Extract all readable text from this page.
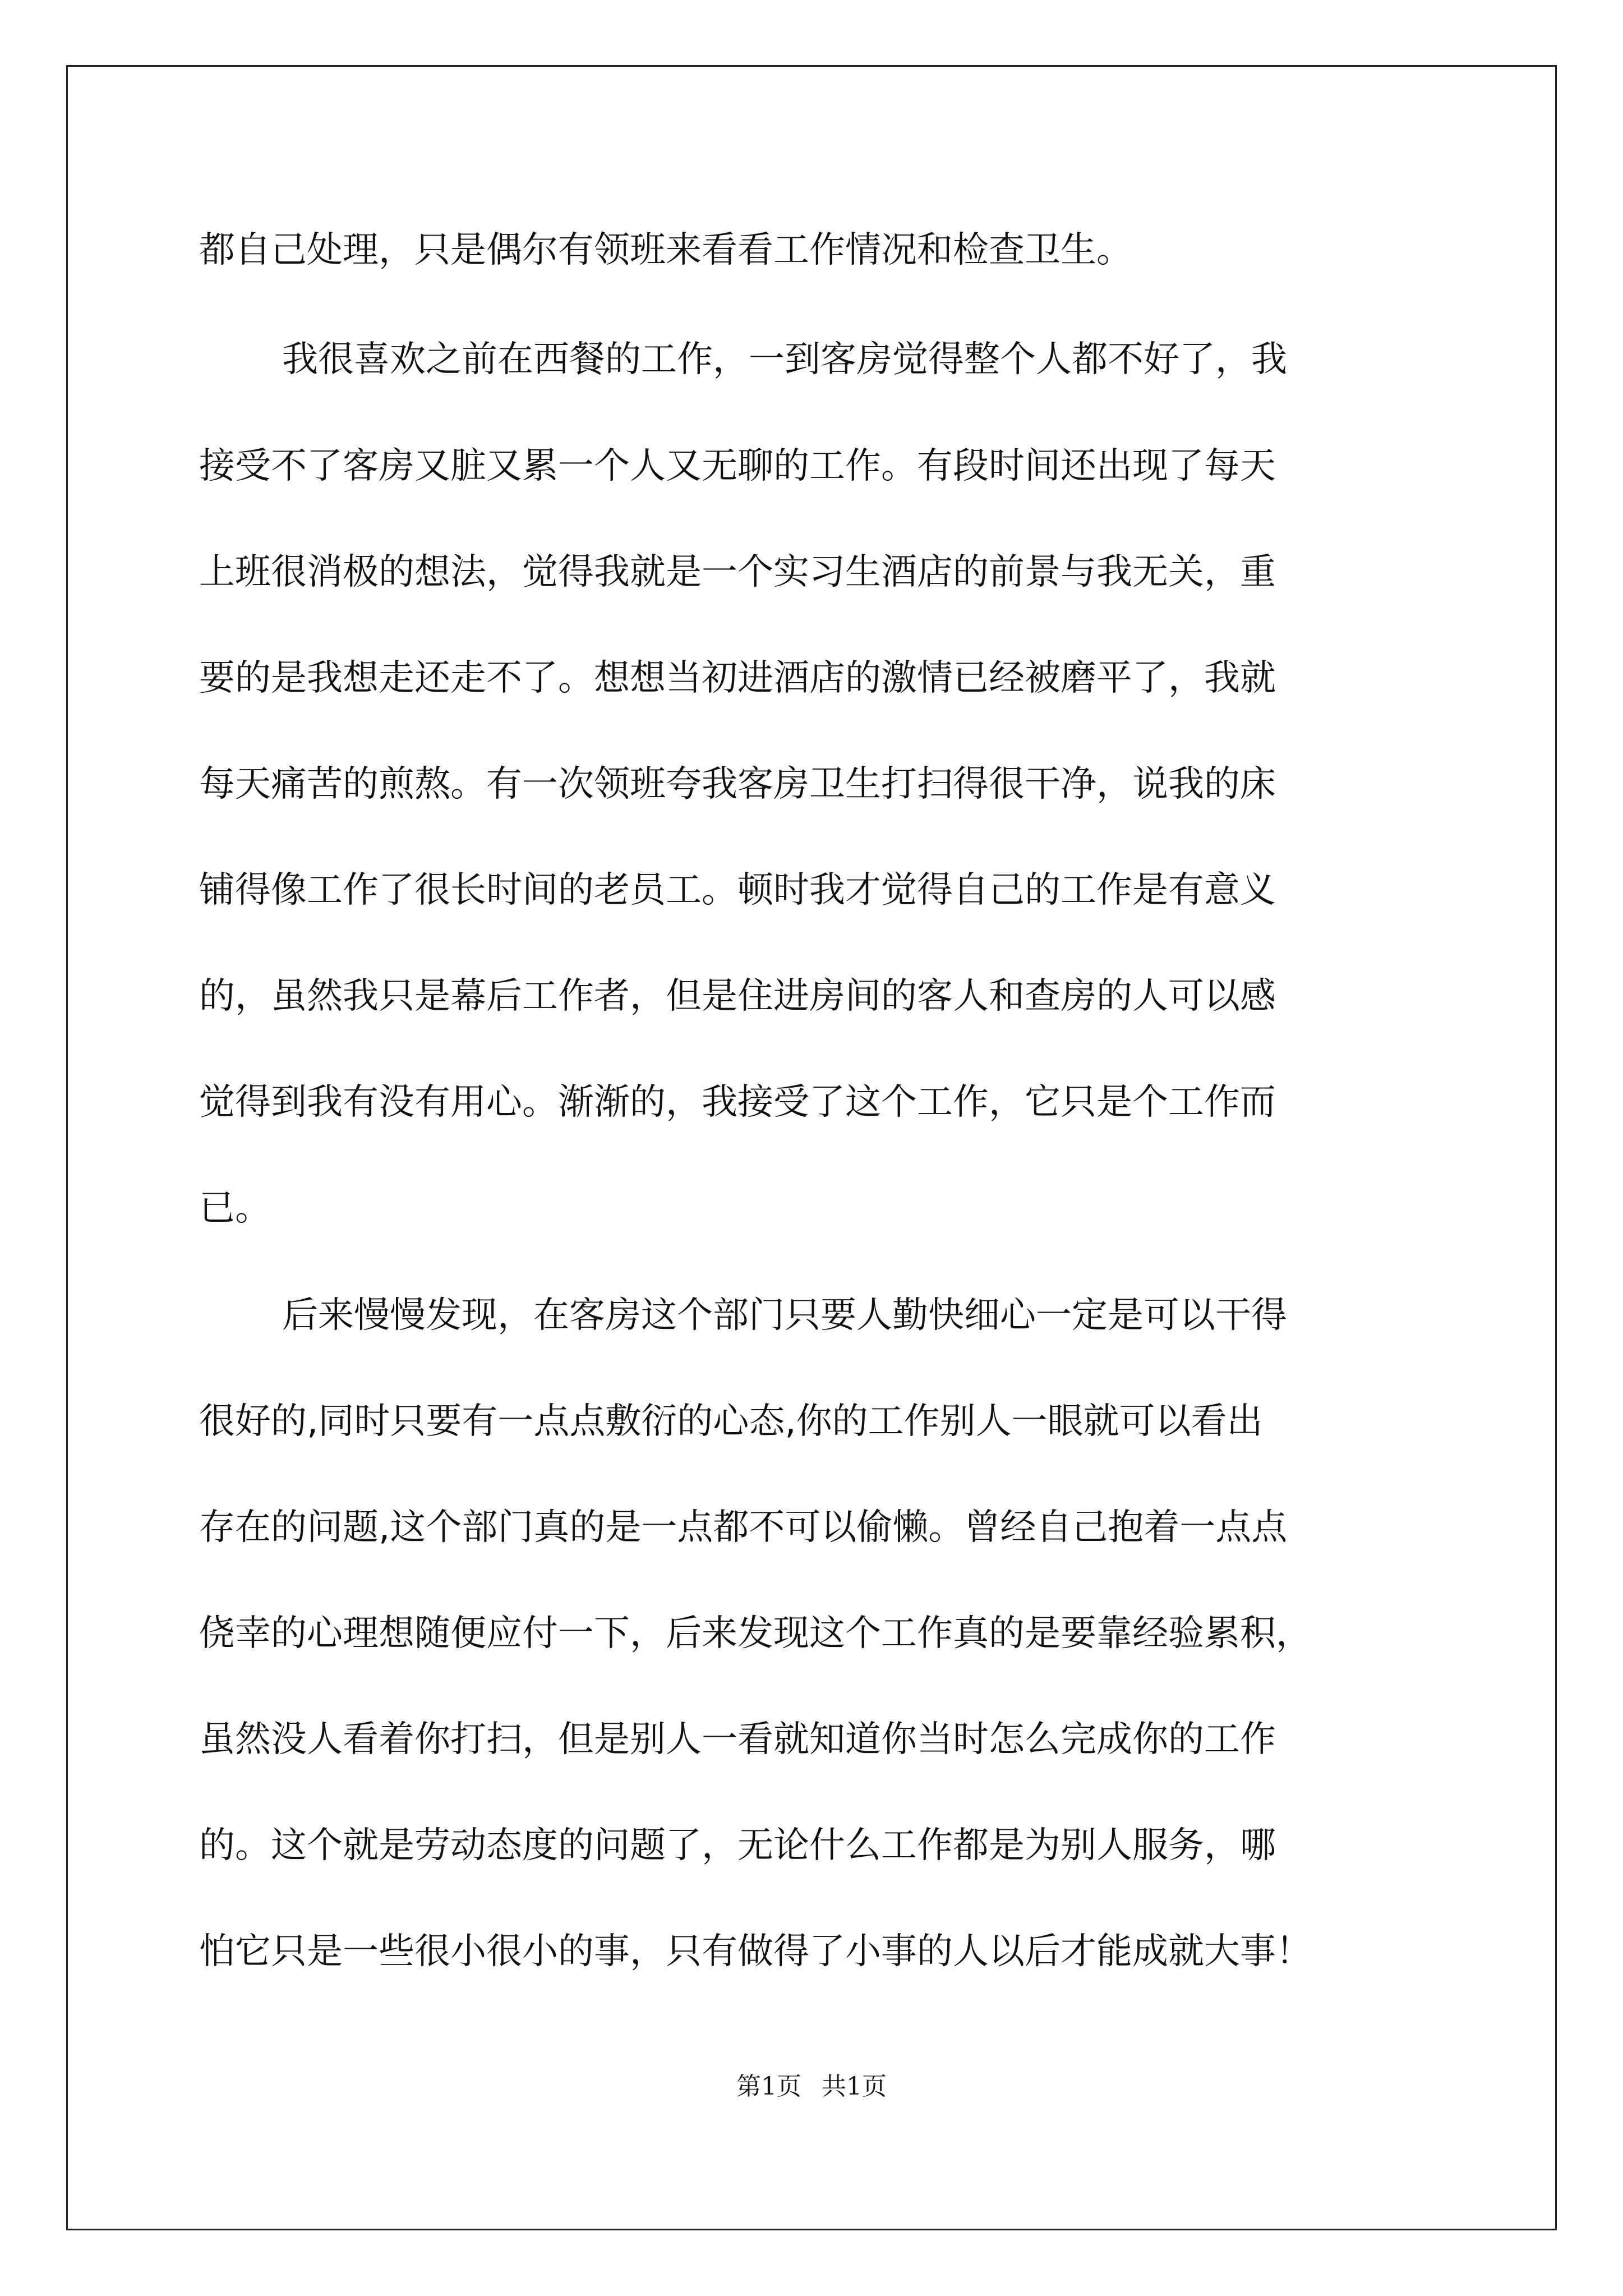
都自己处理，只是偶尔有领班来看看工作情况和检查卫生。
我很喜欢之前在西餐的工作，一到客房觉得整个人都不好了，我
接受不了客房又脏又累一个人又无聊的工作。有段时间还出现了每天
上班很消极的想法，觉得我就是一个实习生酒店的前景与我无关，重
要的是我想走还走不了。想想当初进酒店的激情已经被磨平了，我就
每天痛苦的煎熬。有一次领班夸我客房卫生打扫得很干净，说我的床
铺得像工作了很长时间的老员工。顿时我才觉得自己的工作是有意义
的，虽然我只是幕后工作者，但是住进房间的客人和查房的人可以感
觉得到我有没有用心。渐渐的，我接受了这个工作，它只是个工作而
已。
后来慢慢发现，在客房这个部门只要人勤快细心一定是可以干得
很好的,同时只要有一点点敷衍的心态,你的工作别人一眼就可以看出
存在的问题,这个部门真的是一点都不可以偷懒。曾经自己抱着一点点
侥幸的心理想随便应付一下，后来发现这个工作真的是要靠经验累积，
虽然没人看着你打扫，但是别人一看就知道你当时怎么完成你的工作
的。这个就是劳动态度的问题了，无论什么工作都是为别人服务，哪
怕它只是一些很小很小的事，只有做得了小事的人以后才能成就大事！
第1页 共1页
